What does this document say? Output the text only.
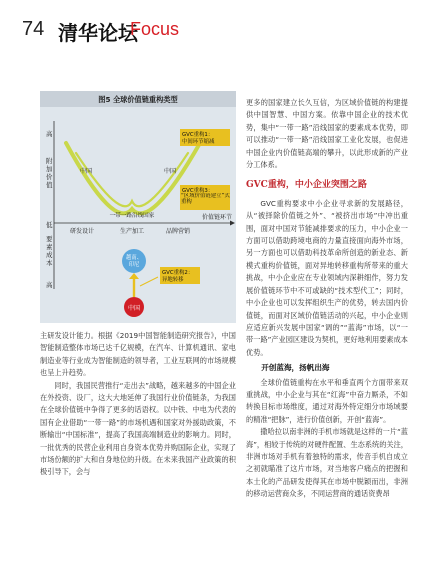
74 清华论坛
Focus
图5 全球价值链重构类型
高
附
加
价
值
低
要
素
成
本
高
价值链环节
研发设计	生产加工	品牌营销
中国	中国
一带一路沿线国家
GVC重构1：
中间环节缩减
GVC重构3：
“区域价值链建立”式重构
GVC重构2：
异地转移
越南、
印尼
中国

主研发设计能力。根据《2019中国智能制造研究报告》，中国智能制造整体市场已达千亿规模，在汽车、计算机通讯、家电制造业等行业成为智能制造的领导者，工业互联网的市场规模也呈上升趋势。

同时，我国民营推行“走出去”战略，越来越多的中国企业在外投资、设厂，这大大地延伸了我国行业价值链条，为我国在全球价值链中争得了更多的话语权。以中铁、中电为代表的国有企业借助“一带一路”的市场机遇和国家对外援助政策，不断输出“中国标准”，提高了我国高端制造业的影响力。同时，一批优秀的民营企业利用自身资本优势并购国际企业，实现了市场份额的扩大和自身地位的升级。在未来我国产业政策的积极引导下，会与

更多的国家建立长久互信，为区域价值链的构建提供中国智慧、中国方案。依靠中国企业的技术优势，集中“一带一路”沿线国家的要素成本优势，即可以推动“一带一路”沿线国家工业化发展，也促进中国企业内价值链高端的攀升，以此形成新的产业分工体系。

GVC重构，中小企业突围之路

GVC重构要求中小企业寻求新的发展路径，从“被择除价值链之外”、“被挤出市场”中冲出重围，面对中国对节能减排要求的压力，中小企业一方面可以借助跨境电商的力量直接面向海外市场，另一方面也可以借助科技革命所创造的新业态、新模式重构价值链，面对异地转移重构所带来的重大挑战，中小企业应在专业领域内深耕细作，努力发展价值链环节中不可或缺的“技术型代工”；同时，中小企业也可以发挥组织生产的优势，转去国内价值链，而面对区域价值链活动的兴起，中小企业则应适应新兴发展中国家“调的”“蓝海”市场，以“一带一路”产业园区建设为契机，更好地利用要素成本优势。

开创蓝海，扬帆出海

全球价值链重构在水平和垂直两个方面带来双重挑战，中小企业与其在“红海”中奋力厮杀，不如转换目标市场维度，通过对海外特定细分市场域要的精准“把脉”，进行价值创新，开创“蓝海”。

撒哈拉以南非洲的手机市场就是这样的一片“蓝海”，相较于传统的对硬件配置、生态系统的关注，非洲市场对手机有着独特的需求，传音手机自成立之初就瞄准了这片市场，对当地客户痛点的把握和本土化的产品研发使得其在市场中脱颖而出，非洲的移动运营商众多，不同运营商的通话资费昂
